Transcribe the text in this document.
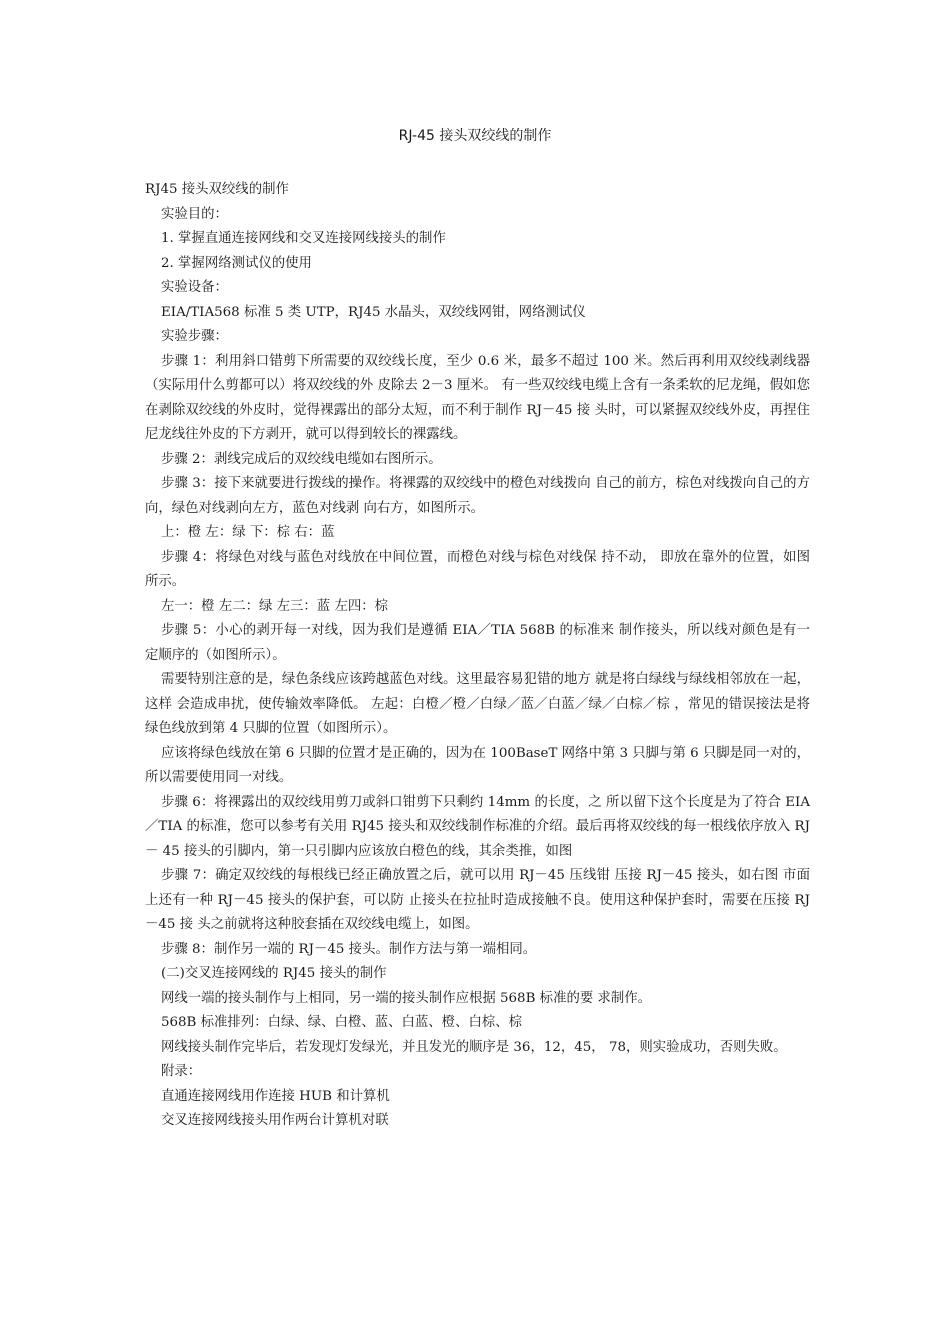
RJ-45 接头双绞线的制作

RJ45 接头双绞线的制作

实验目的：

1. 掌握直通连接网线和交叉连接网线接头的制作

2. 掌握网络测试仪的使用

实验设备：

EIA/TIA568 标准 5 类 UTP，RJ45 水晶头，双绞线网钳，网络测试仪

实验步骤：

步骤 1：利用斜口错剪下所需要的双绞线长度，至少 0.6 米，最多不超过 100 米。然后再利用双绞线剥线器（实际用什么剪都可以）将双绞线的外 皮除去 2－3 厘米。 有一些双绞线电缆上含有一条柔软的尼龙绳，假如您 在剥除双绞线的外皮时，觉得裸露出的部分太短，而不利于制作 RJ－45 接 头时，可以紧握双绞线外皮，再捏住尼龙线往外皮的下方剥开，就可以得到较长的裸露线。

步骤 2：剥线完成后的双绞线电缆如右图所示。

步骤 3：接下来就要进行拨线的操作。将裸露的双绞线中的橙色对线拨向 自己的前方，棕色对线拨向自己的方向，绿色对线剥向左方，蓝色对线剥 向右方，如图所示。

上：橙 左：绿 下：棕 右：蓝

步骤 4：将绿色对线与蓝色对线放在中间位置，而橙色对线与棕色对线保 持不动， 即放在靠外的位置，如图所示。

左一：橙 左二：绿 左三：蓝 左四：棕

步骤 5：小心的剥开每一对线，因为我们是遵循 EIA／TIA 568B 的标准来 制作接头，所以线对颜色是有一定顺序的（如图所示）。

需要特别注意的是，绿色条线应该跨越蓝色对线。这里最容易犯错的地方 就是将白绿线与绿线相邻放在一起，这样 会造成串扰，使传输效率降低。 左起：白橙／橙／白绿／蓝／白蓝／绿／白棕／棕 ，常见的错误接法是将 绿色线放到第 4 只脚的位置（如图所示）。

应该将绿色线放在第 6 只脚的位置才是正确的，因为在 100BaseT 网络中第 3 只脚与第 6 只脚是同一对的，所以需要使用同一对线。

步骤 6：将裸露出的双绞线用剪刀或斜口钳剪下只剩约 14mm 的长度，之 所以留下这个长度是为了符合 EIA／TIA 的标准，您可以参考有关用 RJ45 接头和双绞线制作标准的介绍。最后再将双绞线的每一根线依序放入 RJ－ 45 接头的引脚内，第一只引脚内应该放白橙色的线，其余类推，如图

步骤 7：确定双绞线的每根线已经正确放置之后，就可以用 RJ－45 压线钳 压接 RJ－45 接头，如右图 市面上还有一种 RJ－45 接头的保护套，可以防 止接头在拉扯时造成接触不良。使用这种保护套时，需要在压接 RJ－45 接 头之前就将这种胶套插在双绞线电缆上，如图。

步骤 8：制作另一端的 RJ－45 接头。制作方法与第一端相同。

(二)交叉连接网线的 RJ45 接头的制作

网线一端的接头制作与上相同，另一端的接头制作应根据 568B 标准的要 求制作。

568B 标准排列：白绿、绿、白橙、蓝、白蓝、橙、白棕、棕

网线接头制作完毕后，若发现灯发绿光，并且发光的顺序是 36，12，45， 78，则实验成功，否则失败。

附录：

直通连接网线用作连接 HUB 和计算机

交叉连接网线接头用作两台计算机对联
